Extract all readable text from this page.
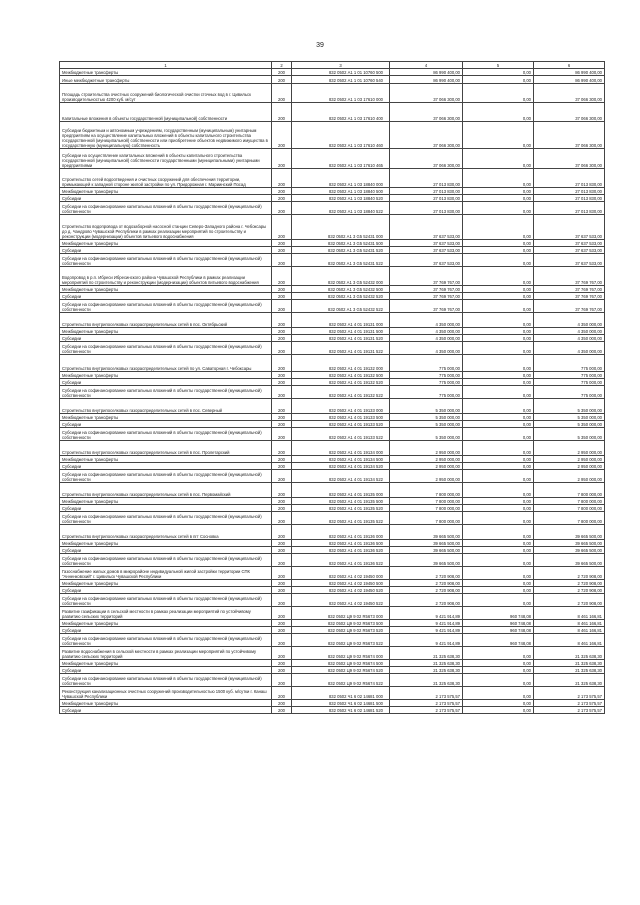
39
1	2	3	4	5	6
Межбюджетные трансферты	200	832 0502 А1 1 01 10760 500	86 990 400,00	0,00	86 990 400,00
Иные межбюджетные трансферты	200	832 0502 А1 1 01 10760 540	86 990 400,00	0,00	86 990 400,00
Площадь строительства очистных сооружений биологической очистки сточных вод в г. Цивильск производительностью 4200 куб. м/сут	200	832 0502 А1 1 03 17610 000	37 066 300,00	0,00	37 066 300,00
Капитальные вложения в объекты государственной (муниципальной) собственности	200	832 0502 А1 1 03 17610 400	37 066 300,00	0,00	37 066 300,00
Субсидии бюджетным и автономным учреждениям, государственным (муниципальным) унитарным предприятиям на осуществление капитальных вложений в объекты капитального строительства государственной (муниципальной) собственности или приобретение объектов недвижимого имущества в государственную (муниципальную) собственность	200	832 0502 А1 1 03 17610 460	37 066 300,00	0,00	37 066 300,00
Субсидии на осуществление капитальных вложений в объекты капитального строительства государственной (муниципальной) собственности государственными (муниципальными) унитарными предприятиями	200	832 0502 А1 1 03 17610 465	37 066 300,00	0,00	37 066 300,00
Строительство сетей водоотведения и очистных сооружений для обеспечения территории, примыкающей к западной стороне жилой застройки по ул. Придорожная г. Мариинский Посад	200	832 0502 А1 1 03 18840 000	27 013 830,00	0,00	27 013 830,00
Межбюджетные трансферты	200	832 0502 А1 1 03 18840 500	27 013 830,00	0,00	27 013 830,00
Субсидии	200	832 0502 А1 1 03 18840 520	27 013 830,00	0,00	27 013 830,00
Субсидии на софинансирование капитальных вложений в объекты государственной (муниципальной) собственности	200	832 0502 А1 1 03 18840 522	27 013 830,00	0,00	27 013 830,00
Строительство водопровода от водозаборной насосной станции Северо-Западного района г. Чебоксары до д. Чандрово Чувашской Республики в рамках реализации мероприятий по строительству и реконструкции (модернизации) объектов питьевого водоснабжения	200	832 0502 А1 3 G5 52431 000	37 637 533,00	0,00	37 637 533,00
Межбюджетные трансферты	200	832 0502 А1 3 G5 52431 500	37 637 533,00	0,00	37 637 533,00
Субсидии	200	832 0502 А1 3 G5 52431 520	37 637 533,00	0,00	37 637 533,00
Субсидии на софинансирование капитальных вложений в объекты государственной (муниципальной) собственности	200	832 0502 А1 3 G5 52431 522	37 637 533,00	0,00	37 637 533,00
Водопровод в р.п. Ибреси Ибресинского района Чувашской Республики в рамках реализации мероприятий по строительству и реконструкции (модернизации) объектов питьевого водоснабжения	200	832 0502 А1 3 G5 52432 000	37 769 767,00	0,00	37 769 767,00
Межбюджетные трансферты	200	832 0502 А1 3 G5 52432 500	37 769 767,00	0,00	37 769 767,00
Субсидии	200	832 0502 А1 3 G5 52432 520	37 769 767,00	0,00	37 769 767,00
Субсидии на софинансирование капитальных вложений в объекты государственной (муниципальной) собственности	200	832 0502 А1 3 G5 52432 522	37 769 767,00	0,00	37 769 767,00
Строительство внутрипоселковых газораспределительных сетей в пос. Октябрьский	200	832 0502 А1 4 01 19131 000	4 350 000,00	0,00	4 350 000,00
Межбюджетные трансферты	200	832 0502 А1 4 01 19131 500	4 350 000,00	0,00	4 350 000,00
Субсидии	200	832 0502 А1 4 01 19131 520	4 350 000,00	0,00	4 350 000,00
Субсидии на софинансирование капитальных вложений в объекты государственной (муниципальной) собственности	200	832 0502 А1 4 01 19131 522	4 350 000,00	0,00	4 350 000,00
Строительство внутрипоселковых газораспределительных сетей по ул. Саваторная г. Чебоксары	200	832 0502 А1 4 01 19132 000	775 000,00	0,00	775 000,00
Межбюджетные трансферты	200	832 0502 А1 4 01 19132 500	775 000,00	0,00	775 000,00
Субсидии	200	832 0502 А1 4 01 19132 520	775 000,00	0,00	775 000,00
Субсидии на софинансирование капитальных вложений в объекты государственной (муниципальной) собственности	200	832 0502 А1 4 01 19132 522	775 000,00	0,00	775 000,00
Строительство внутрипоселковых газораспределительных сетей в пос. Северный	200	832 0502 А1 4 01 19133 000	5 350 000,00	0,00	5 350 000,00
Межбюджетные трансферты	200	832 0502 А1 4 01 19133 500	5 350 000,00	0,00	5 350 000,00
Субсидии	200	832 0502 А1 4 01 19133 520	5 350 000,00	0,00	5 350 000,00
Субсидии на софинансирование капитальных вложений в объекты государственной (муниципальной) собственности	200	832 0502 А1 4 01 19133 522	5 350 000,00	0,00	5 350 000,00
Строительство внутрипоселковых газораспределительных сетей в пос. Пролетарский	200	832 0502 А1 4 01 19134 000	2 950 000,00	0,00	2 950 000,00
Межбюджетные трансферты	200	832 0502 А1 4 01 19134 500	2 950 000,00	0,00	2 950 000,00
Субсидии	200	832 0502 А1 4 01 19134 520	2 950 000,00	0,00	2 950 000,00
Субсидии на софинансирование капитальных вложений в объекты государственной (муниципальной) собственности	200	832 0502 А1 4 01 19134 522	2 950 000,00	0,00	2 950 000,00
Строительство внутрипоселковых газораспределительных сетей в пос. Первомайский	200	832 0502 А1 4 01 19135 000	7 800 000,00	0,00	7 800 000,00
Межбюджетные трансферты	200	832 0502 А1 4 01 19135 500	7 800 000,00	0,00	7 800 000,00
Субсидии	200	832 0502 А1 4 01 19135 520	7 800 000,00	0,00	7 800 000,00
Субсидии на софинансирование капитальных вложений в объекты государственной (муниципальной) собственности	200	832 0502 А1 4 01 19135 522	7 800 000,00	0,00	7 800 000,00
Строительство внутрипоселковых газораспределительных сетей в пгт Сосновка	200	832 0502 А1 4 01 19136 000	39 665 500,00	0,00	39 665 500,00
Межбюджетные трансферты	200	832 0502 А1 4 01 19136 500	39 665 500,00	0,00	39 665 500,00
Субсидии	200	832 0502 А1 4 01 19136 520	39 665 500,00	0,00	39 665 500,00
Субсидии на софинансирование капитальных вложений в объекты государственной (муниципальной) собственности	200	832 0502 А1 4 01 19136 522	39 665 500,00	0,00	39 665 500,00
Газоснабжение жилых домов в микрорайоне индивидуальной жилой застройки территории СПК "Анненковский" г. Цивильск Чувашской Республики	200	832 0502 А1 4 02 19450 000	2 720 908,00	0,00	2 720 908,00
Межбюджетные трансферты	200	832 0502 А1 4 02 19450 500	2 720 908,00	0,00	2 720 908,00
Субсидии	200	832 0502 А1 4 02 19450 520	2 720 908,00	0,00	2 720 908,00
Субсидии на софинансирование капитальных вложений в объекты государственной (муниципальной) собственности	200	832 0502 А1 4 02 19450 522	2 720 908,00	0,00	2 720 908,00
Развитие газификации в сельской местности в рамках реализации мероприятий по устойчивому развитию сельских территорий	200	832 0502 Ц9 9 02 R5673 000	9 421 914,89	960 748,08	8 461 166,81
Межбюджетные трансферты	200	832 0502 Ц9 9 02 R5673 500	9 421 914,89	960 748,08	8 461 166,81
Субсидии	200	832 0502 Ц9 9 02 R5673 520	9 421 914,89	960 748,08	8 461 166,81
Субсидии на софинансирование капитальных вложений в объекты государственной (муниципальной) собственности	200	832 0502 Ц9 9 02 R5673 522	9 421 914,89	960 748,08	8 461 166,81
Развитие водоснабжения в сельской местности в рамках реализации мероприятий по устойчивому развитию сельских территорий	200	832 0502 Ц9 9 02 R5674 000	21 325 638,30	0,00	21 325 638,30
Межбюджетные трансферты	200	832 0502 Ц9 9 02 R5674 500	21 325 638,30	0,00	21 325 638,30
Субсидии	200	832 0502 Ц9 9 02 R5674 520	21 325 638,30	0,00	21 325 638,30
Субсидии на софинансирование капитальных вложений в объекты государственной (муниципальной) собственности	200	832 0502 Ц9 9 02 R5674 522	21 325 638,30	0,00	21 325 638,30
Реконструкция канализационных очистных сооружений производительностью 1500 куб. м/сутки г. Канаш Чувашской Республики	200	832 0502 Ч1 6 02 14681 000	2 173 575,57	0,00	2 173 575,57
Межбюджетные трансферты	200	832 0502 Ч1 6 02 14681 500	2 173 575,57	0,00	2 173 575,57
Субсидии	200	832 0502 Ч1 6 02 14681 520	2 173 575,57	0,00	2 173 575,57
